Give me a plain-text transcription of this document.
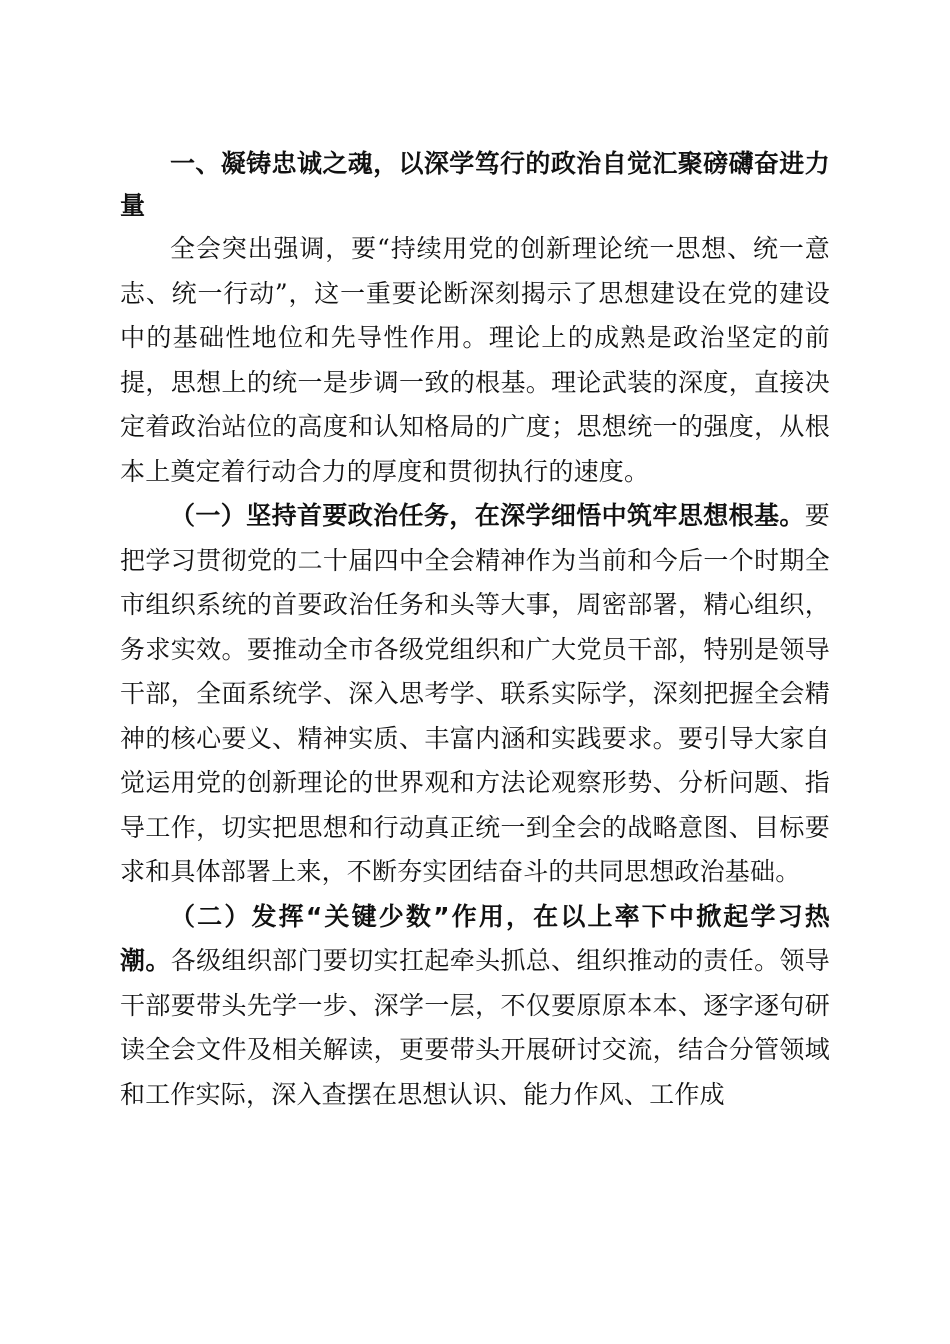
一、凝铸忠诚之魂，以深学笃行的政治自觉汇聚磅礴奋进力量

全会突出强调，要“持续用党的创新理论统一思想、统一意志、统一行动”，这一重要论断深刻揭示了思想建设在党的建设中的基础性地位和先导性作用。理论上的成熟是政治坚定的前提，思想上的统一是步调一致的根基。理论武装的深度，直接决定着政治站位的高度和认知格局的广度；思想统一的强度，从根本上奠定着行动合力的厚度和贯彻执行的速度。

（一）坚持首要政治任务，在深学细悟中筑牢思想根基。要把学习贯彻党的二十届四中全会精神作为当前和今后一个时期全市组织系统的首要政治任务和头等大事，周密部署，精心组织，务求实效。要推动全市各级党组织和广大党员干部，特别是领导干部，全面系统学、深入思考学、联系实际学，深刻把握全会精神的核心要义、精神实质、丰富内涵和实践要求。要引导大家自觉运用党的创新理论的世界观和方法论观察形势、分析问题、指导工作，切实把思想和行动真正统一到全会的战略意图、目标要求和具体部署上来，不断夯实团结奋斗的共同思想政治基础。

（二）发挥“关键少数”作用，在以上率下中掀起学习热潮。各级组织部门要切实扛起牵头抓总、组织推动的责任。领导干部要带头先学一步、深学一层，不仅要原原本本、逐字逐句研读全会文件及相关解读，更要带头开展研讨交流，结合分管领域和工作实际，深入查摆在思想认识、能力作风、工作成
